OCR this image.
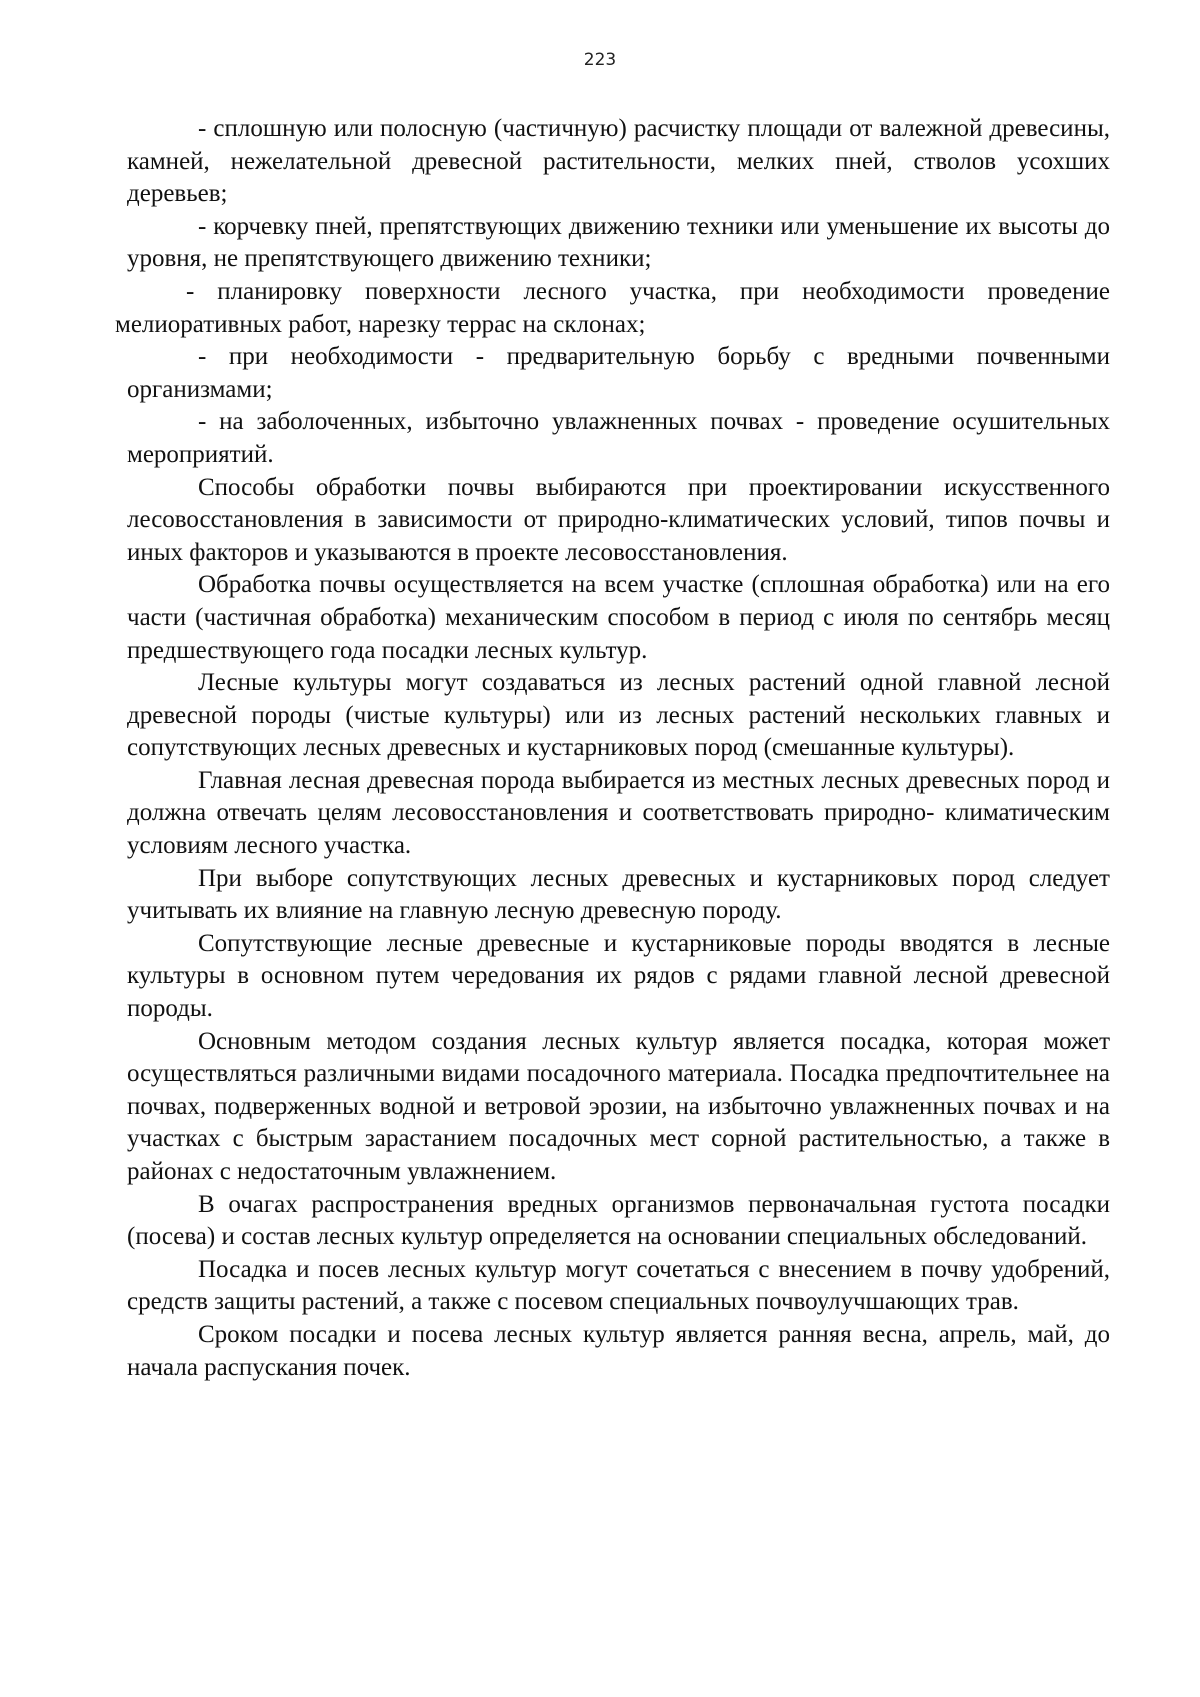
223

- сплошную или полосную (частичную) расчистку площади от валежной древесины, камней, нежелательной древесной растительности, мелких пней, стволов усохших деревьев;

- корчевку пней, препятствующих движению техники или уменьшение их высоты до уровня, не препятствующего движению техники;

- планировку поверхности лесного участка, при необходимости проведение мелиоративных работ, нарезку террас на склонах;

- при необходимости - предварительную борьбу с вредными почвенными организмами;

- на заболоченных, избыточно увлажненных почвах - проведение осушительных мероприятий.

Способы обработки почвы выбираются при проектировании искусственного лесовосстановления в зависимости от природно-климатических условий, типов почвы и иных факторов и указываются в проекте лесовосстановления.

Обработка почвы осуществляется на всем участке (сплошная обработка) или на его части (частичная обработка) механическим способом в период с июля по сентябрь месяц предшествующего года посадки лесных культур.

Лесные культуры могут создаваться из лесных растений одной главной лесной древесной породы (чистые культуры) или из лесных растений нескольких главных и сопутствующих лесных древесных и кустарниковых пород (смешанные культуры).

Главная лесная древесная порода выбирается из местных лесных древесных пород и должна отвечать целям лесовосстановления и соответствовать природно- климатическим условиям лесного участка.

При выборе сопутствующих лесных древесных и кустарниковых пород следует учитывать их влияние на главную лесную древесную породу.

Сопутствующие лесные древесные и кустарниковые породы вводятся в лесные культуры в основном путем чередования их рядов с рядами главной лесной древесной породы.

Основным методом создания лесных культур является посадка, которая может осуществляться различными видами посадочного материала. Посадка предпочтительнее на почвах, подверженных водной и ветровой эрозии, на избыточно увлажненных почвах и на участках с быстрым зарастанием посадочных мест сорной растительностью, а также в районах с недостаточным увлажнением.

В очагах распространения вредных организмов первоначальная густота посадки (посева) и состав лесных культур определяется на основании специальных обследований.

Посадка и посев лесных культур могут сочетаться с внесением в почву удобрений, средств защиты растений, а также с посевом специальных почвоулучшающих трав.

Сроком посадки и посева лесных культур является ранняя весна, апрель, май, до начала распускания почек.
